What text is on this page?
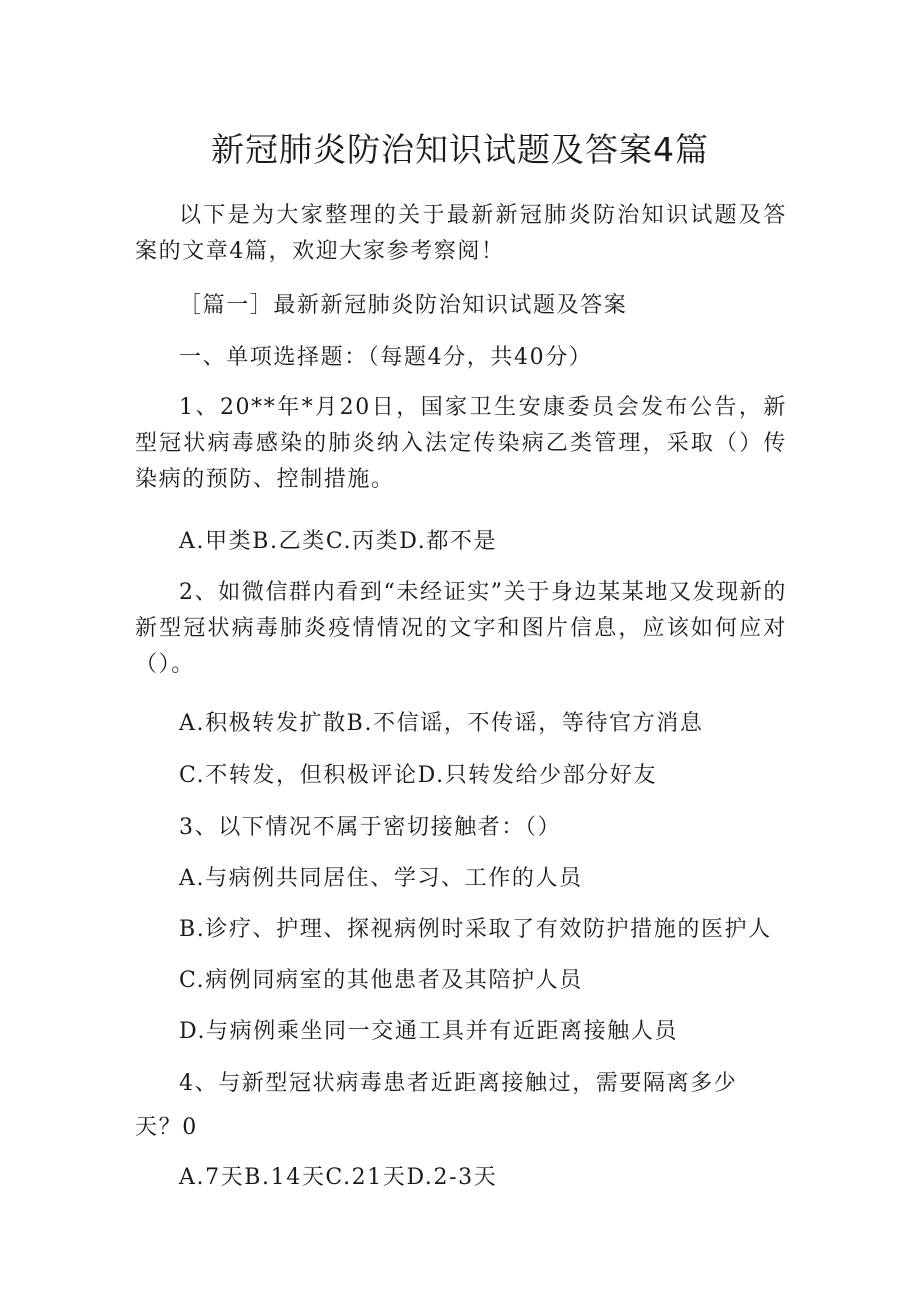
新冠肺炎防治知识试题及答案4篇

以下是为大家整理的关于最新新冠肺炎防治知识试题及答案的文章4篇，欢迎大家参考察阅！

［篇一］最新新冠肺炎防治知识试题及答案

一、单项选择题：（每题4分，共40分）

1、20**年*月20日，国家卫生安康委员会发布公告，新型冠状病毒感染的肺炎纳入法定传染病乙类管理，采取（）传染病的预防、控制措施。

A.甲类B.乙类C.丙类D.都不是

2、如微信群内看到“未经证实”关于身边某某地又发现新的新型冠状病毒肺炎疫情情况的文字和图片信息，应该如何应对（）。

A.积极转发扩散B.不信谣，不传谣，等待官方消息

C.不转发，但积极评论D.只转发给少部分好友

3、以下情况不属于密切接触者：（）

A.与病例共同居住、学习、工作的人员

B.诊疗、护理、探视病例时采取了有效防护措施的医护人

C.病例同病室的其他患者及其陪护人员

D.与病例乘坐同一交通工具并有近距离接触人员

4、与新型冠状病毒患者近距离接触过，需要隔离多少

天？0

A.7天B.14天C.21天D.2-3天
